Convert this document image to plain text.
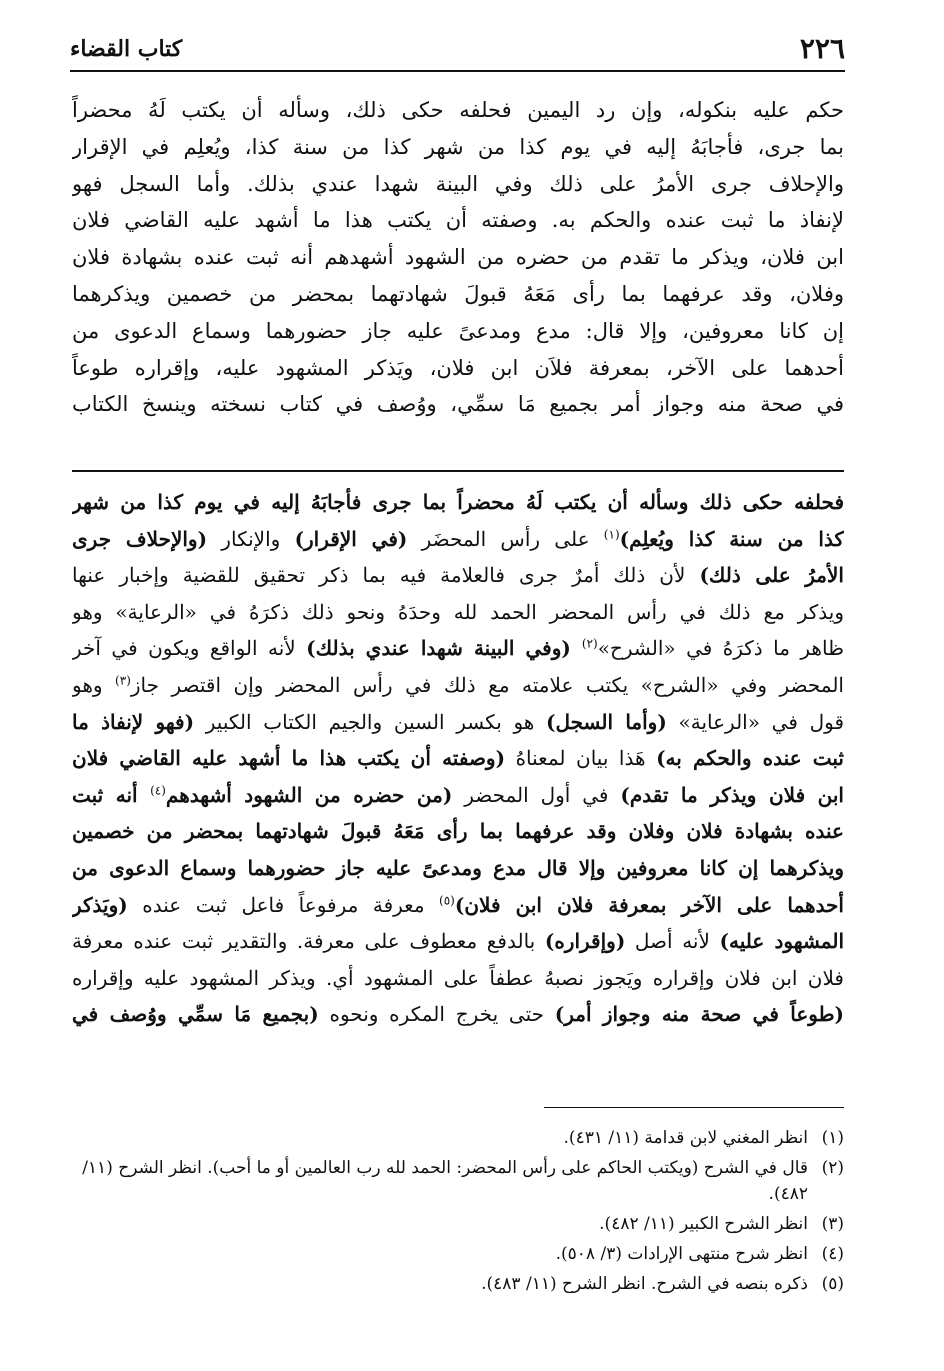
٢٢٦
كتاب القضاء

حكم عليه بنكوله، وإن رد اليمين فحلفه حكى ذلك، وسأله أن يكتب لَهُ محضراً

بما جرى، فأجابَهُ إليه في يوم كذا من شهر كذا من سنة كذا، ويُعلِم في الإقرار

والإحلاف جرى الأمرُ على ذلك وفي البينة شهدا عندي بذلك. وأما السجل فهو

لإنفاذ ما ثبت عنده والحكم به. وصفته أن يكتب هذا ما أشهد عليه القاضي فلان

ابن فلان، ويذكر ما تقدم من حضره من الشهود أشهدهم أنه ثبت عنده بشهادة فلان

وفلان، وقد عرفهما بما رأى مَعَهُ قبولَ شهادتهما بمحضر من خصمين ويذكرهما

إن كانا معروفين، وإلا قال: مدع ومدعىً عليه جاز حضورهما وسماع الدعوى من

أحدهما على الآخر، بمعرفة فلاَن ابن فلان، ويَذكر المشهود عليه، وإقراره طوعاً

في صحة منه وجواز أمر بجميع مَا سمِّي، ووُصف في كتاب نسخته وينسخ الكتاب

فحلفه حكى ذلك وسأله أن يكتب لَهُ محضراً بما جرى فأجابَهُ إليه في يوم كذا من شهر
كذا من سنة كذا ويُعلِم)$^{(١)}$ على رأس المحضَر (في الإقرار) والإنكار (والإحلاف جرى
الأمرُ على ذلك) لأن ذلك أمرٌ جرى فالعلامة فيه بما ذكر تحقيق للقضية وإخبار عنها
ويذكر مع ذلك في رأس المحضر الحمد لله وحدَهُ ونحو ذلك ذكرَهُ في «الرعاية» وهو
ظاهر ما ذكرَهُ في «الشرح»$^{(٢)}$ (وفي البينة شهدا عندي بذلك) لأنه الواقع ويكون في آخر
المحضر وفي «الشرح» يكتب علامته مع ذلك في رأس المحضر وإن اقتصر جاز$^{(٣)}$ وهو
قول في «الرعاية» (وأما السجل) هو بكسر السين والجيم الكتاب الكبير (فهو لإنفاذ ما
ثبت عنده والحكم به) هَذا بيان لمعناهُ (وصفته أن يكتب هذا ما أشهد عليه القاضي فلان
ابن فلان ويذكر ما تقدم) في أول المحضر (من حضره من الشهود أشهدهم$^{(٤)}$ أنه ثبت
عنده بشهادة فلان وفلان وقد عرفهما بما رأى مَعَهُ قبولَ شهادتهما بمحضر من خصمين
ويذكرهما إن كانا معروفين وإلا قال مدع ومدعىً عليه جاز حضورهما وسماع الدعوى من
أحدهما على الآخر بمعرفة فلان ابن فلان)$^{(٥)}$ معرفة مرفوعاً فاعل ثبت عنده (ويَذكر
المشهود عليه) لأنه أصل (وإقراره) بالدفع معطوف على معرفة. والتقدير ثبت عنده معرفة
فلان ابن فلان وإقراره ويَجوز نصبهُ عطفاً على المشهود أي. ويذكر المشهود عليه وإقراره
(طوعاً في صحة منه وجواز أمر) حتى يخرج المكره ونحوه (بجميع مَا سمِّي ووُصف في
(١)انظر المغني لابن قدامة (١١/ ٤٣١).
(٢)قال في الشرح (ويكتب الحاكم على رأس المحضر: الحمد لله رب العالمين أو ما أحب). انظر الشرح (١١/ ٤٨٢).
(٣)انظر الشرح الكبير (١١/ ٤٨٢).
(٤)انظر شرح منتهى الإرادات (٣/ ٥٠٨).
(٥)ذكره بنصه في الشرح. انظر الشرح (١١/ ٤٨٣).
